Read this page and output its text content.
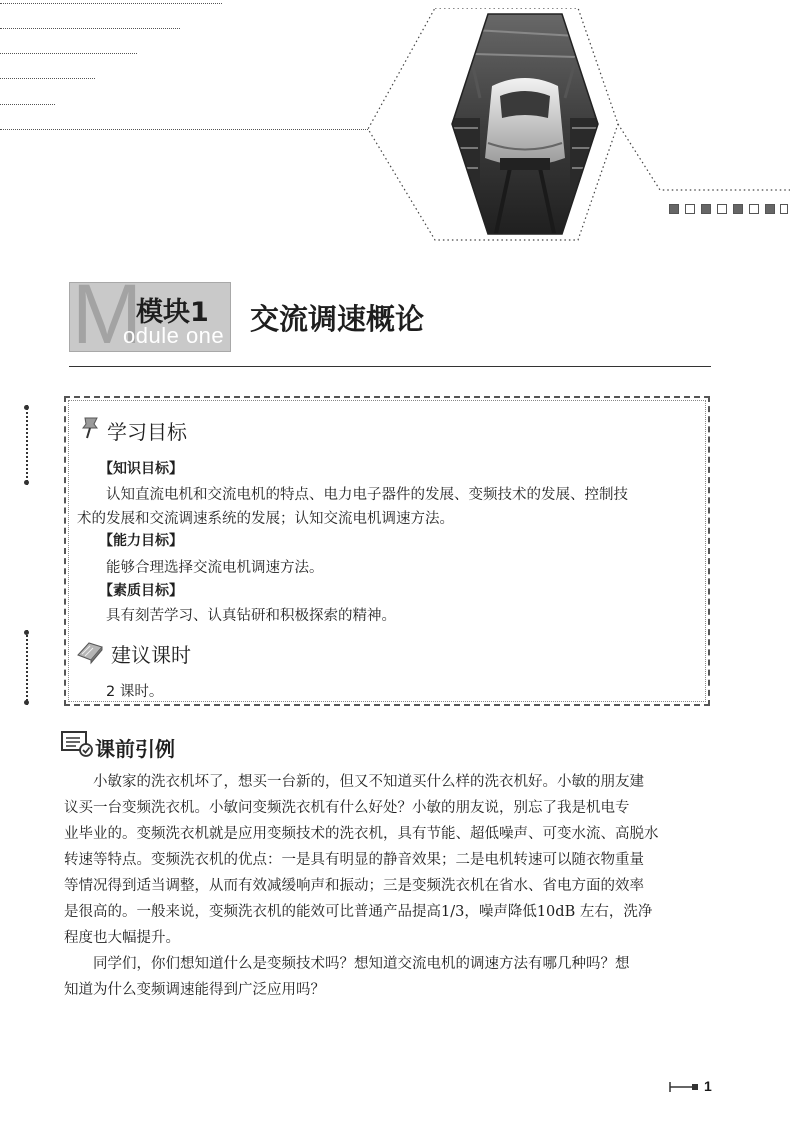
M
模块1
odule one 交流调速概论
学习目标
【知识目标】
认知直流电机和交流电机的特点、电力电子器件的发展、变频技术的发展、控制技
术的发展和交流调速系统的发展；认知交流电机调速方法。
【能力目标】
能够合理选择交流电机调速方法。
【素质目标】
具有刻苦学习、认真钻研和积极探索的精神。
建议课时
2 课时。
课前引例
小敏家的洗衣机坏了，想买一台新的，但又不知道买什么样的洗衣机好。小敏的朋友建
议买一台变频洗衣机。小敏问变频洗衣机有什么好处？小敏的朋友说，别忘了我是机电专
业毕业的。变频洗衣机就是应用变频技术的洗衣机，具有节能、超低噪声、可变水流、高脱水
转速等特点。变频洗衣机的优点：一是具有明显的静音效果；二是电机转速可以随衣物重量
等情况得到适当调整，从而有效减缓响声和振动；三是变频洗衣机在省水、省电方面的效率
是很高的。一般来说，变频洗衣机的能效可比普通产品提高1/3，噪声降低10dB 左右，洗净
程度也大幅提升。
同学们，你们想知道什么是变频技术吗？想知道交流电机的调速方法有哪几种吗？想
知道为什么变频调速能得到广泛应用吗？
1
